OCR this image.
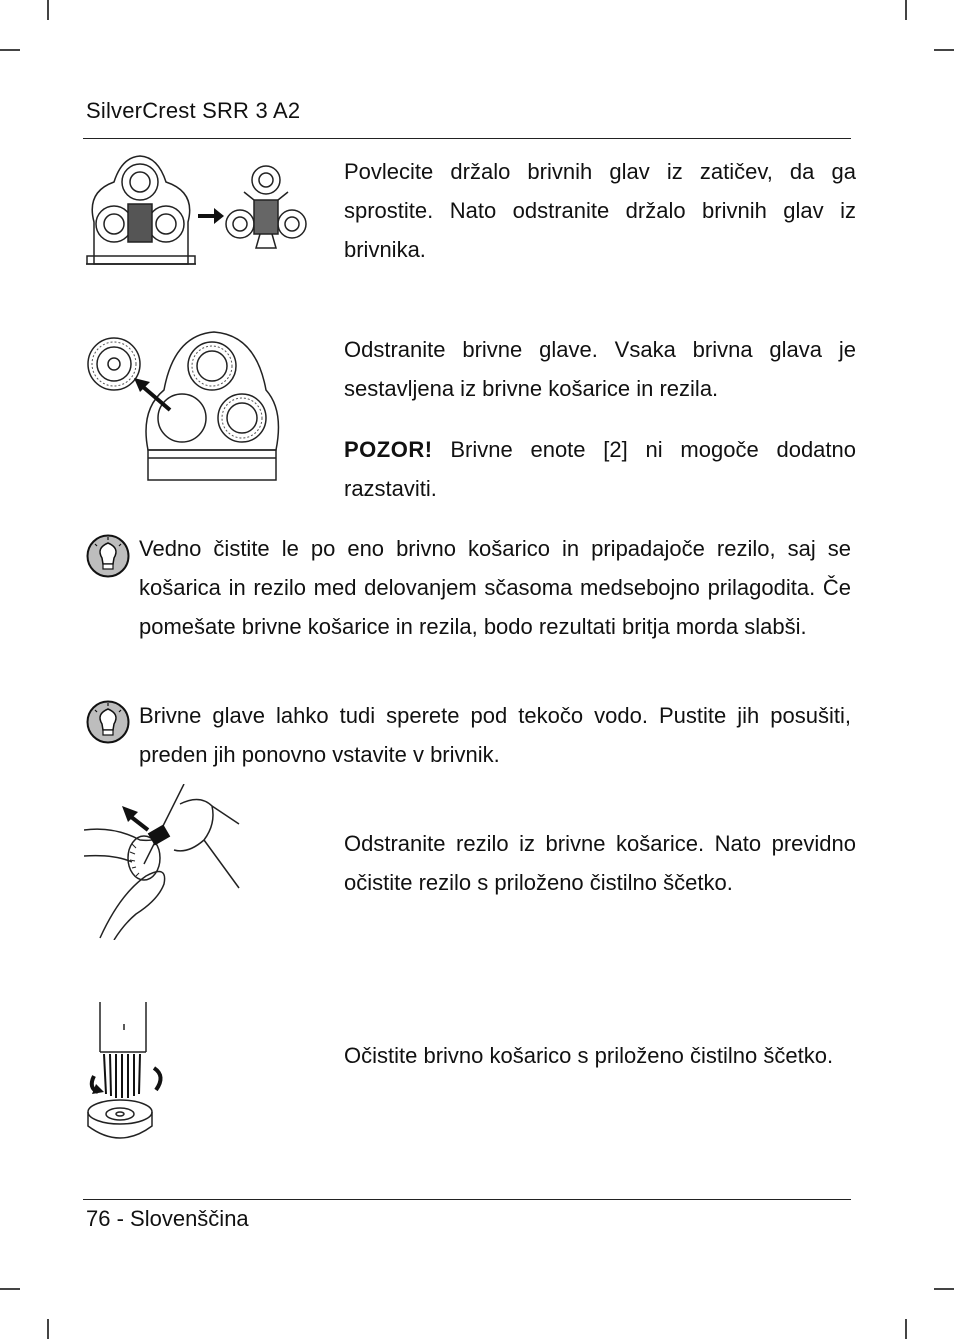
SilverCrest SRR 3 A2

Povlecite držalo brivnih glav iz zatičev, da ga sprostite. Nato odstranite držalo brivnih glav iz brivnika.

Odstranite brivne glave. Vsaka brivna glava je sestavljena iz brivne košarice in rezila.

POZOR! Brivne enote [2] ni mogoče dodatno razstaviti.

Vedno čistite le po eno brivno košarico in pripadajoče rezilo, saj se košarica in rezilo med delovanjem sčasoma medsebojno prilagodita. Če pomešate brivne košarice in rezila, bodo rezultati britja morda slabši.

Brivne glave lahko tudi sperete pod tekočo vodo. Pustite jih posušiti, preden jih ponovno vstavite v brivnik.

Odstranite rezilo iz brivne košarice. Nato previdno očistite rezilo s priloženo čistilno ščetko.

Očistite brivno košarico s priloženo čistilno ščetko.

76 - Slovenščina
